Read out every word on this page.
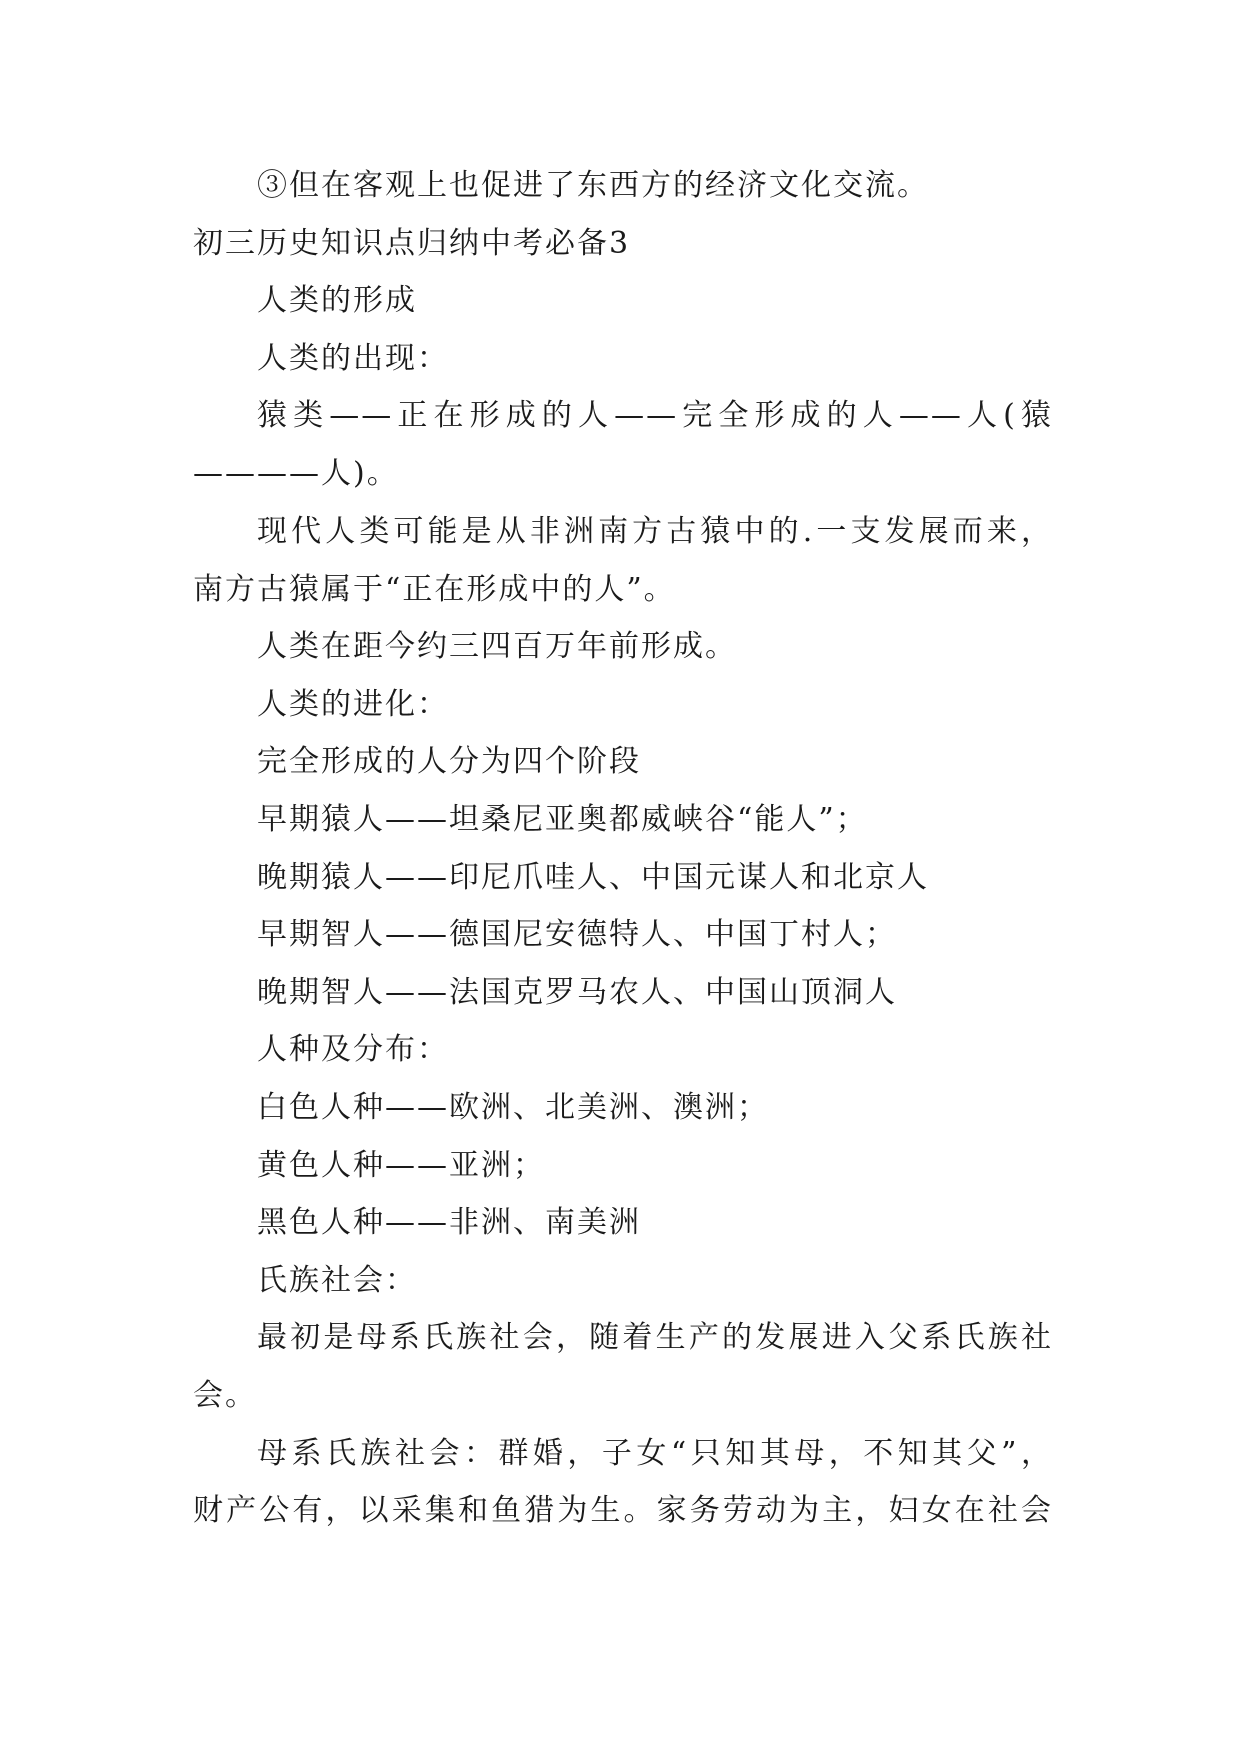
③但在客观上也促进了东西方的经济文化交流。
初三历史知识点归纳中考必备3
人类的形成
人类的出现：
猿类——正在形成的人——完全形成的人——人(猿
————人)。
现代人类可能是从非洲南方古猿中的.一支发展而来，
南方古猿属于“正在形成中的人”。
人类在距今约三四百万年前形成。
人类的进化：
完全形成的人分为四个阶段
早期猿人——坦桑尼亚奥都威峡谷“能人”；
晚期猿人——印尼爪哇人、中国元谋人和北京人
早期智人——德国尼安德特人、中国丁村人；
晚期智人——法国克罗马农人、中国山顶洞人
人种及分布：
白色人种——欧洲、北美洲、澳洲；
黄色人种——亚洲；
黑色人种——非洲、南美洲
氏族社会：
最初是母系氏族社会，随着生产的发展进入父系氏族社
会。
母系氏族社会：群婚，子女“只知其母，不知其父”，
财产公有，以采集和鱼猎为生。家务劳动为主，妇女在社会
